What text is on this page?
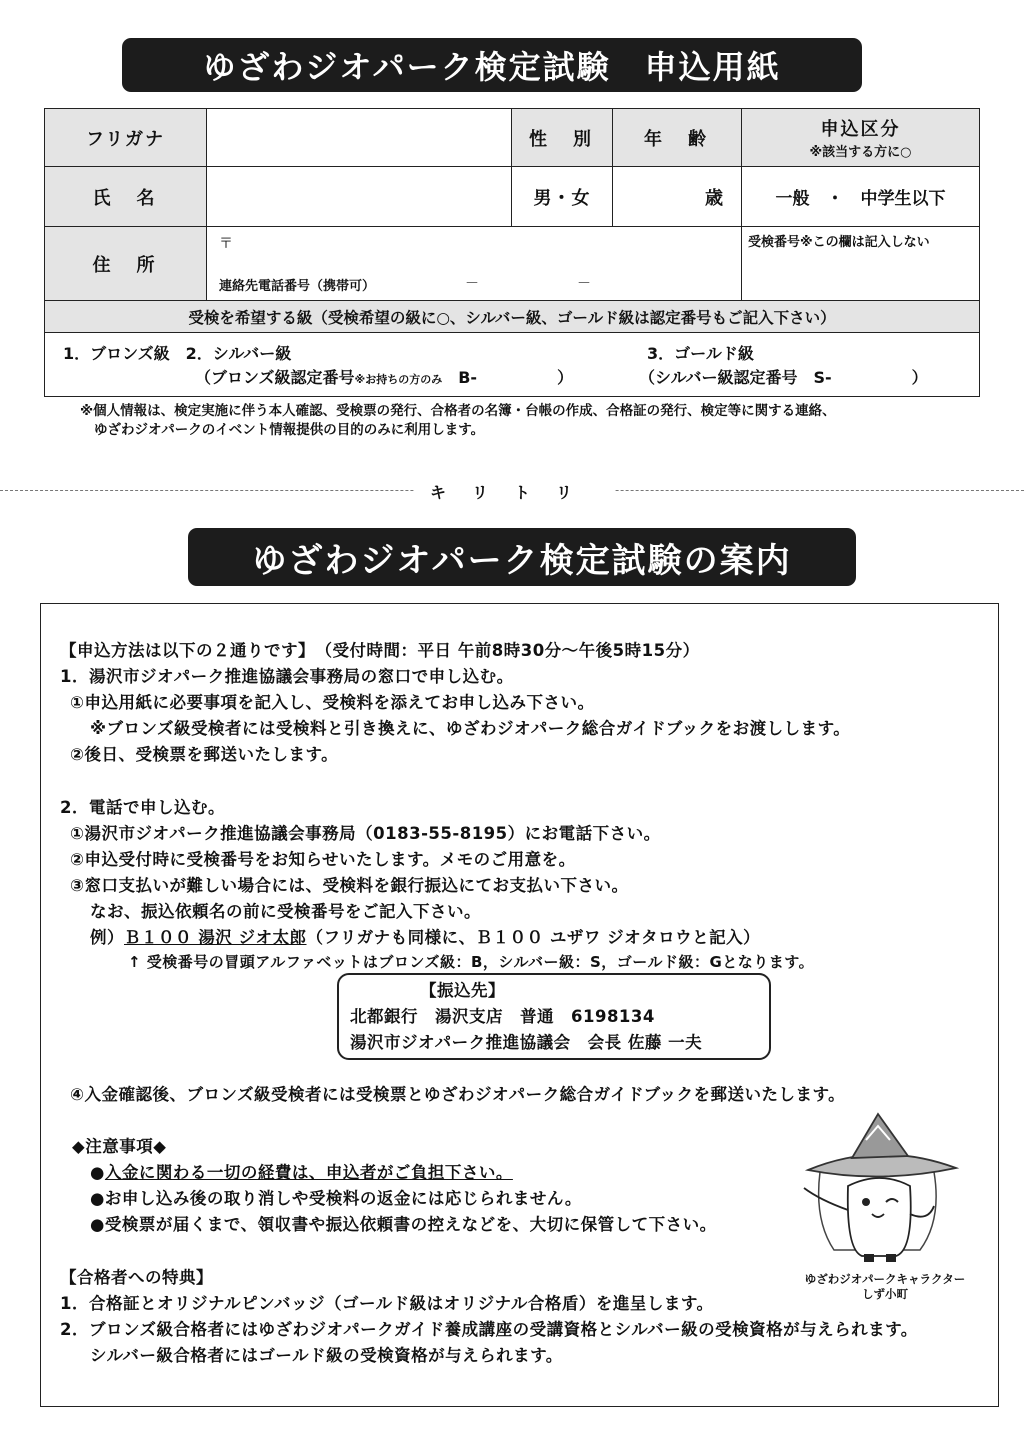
ゆざわジオパーク検定試験　申込用紙
フリガナ		性　別	年　齢	申込区分
※該当する方に○

氏　名		男・女	歳	一般　・　中学生以下
住　所	〒
連絡先電話番号（携帯可） －　　　　　　　－			受検番号※この欄は記入しない
受検を希望する級（受検希望の級に○、シルバー級、ゴールド級は認定番号もご記入下さい）				

1．ブロンズ級　2．シルバー級 3．ゴールド級
（ブロンズ級認定番号※お持ちの方のみ B-　　　　　） （シルバー級認定番号　S-　　　　　）				
※個人情報は、検定実施に伴う本人確認、受検票の発行、合格者の名簿・台帳の作成、合格証の発行、検定等に関する連絡、
ゆざわジオパークのイベント情報提供の目的のみに利用します。
キリトリ
ゆざわジオパーク検定試験の案内
【申込方法は以下の２通りです】　（受付時間：平日 午前8時30分～午後5時15分）
1．湯沢市ジオパーク推進協議会事務局の窓口で申し込む。
①申込用紙に必要事項を記入し、受検料を添えてお申し込み下さい。
※ブロンズ級受検者には受検料と引き換えに、ゆざわジオパーク総合ガイドブックをお渡しします。
②後日、受検票を郵送いたします。
2．電話で申し込む。
①湯沢市ジオパーク推進協議会事務局（0183-55-8195）にお電話下さい。
②申込受付時に受検番号をお知らせいたします。メモのご用意を。
③窓口支払いが難しい場合には、受検料を銀行振込にてお支払い下さい。
なお、振込依頼名の前に受検番号をご記入下さい。
例）Ｂ１００ 湯沢 ジオ太郎（フリガナも同様に、Ｂ１００ ユザワ ジオタロウと記入）
↑ 受検番号の冒頭アルファベットはブロンズ級：B，シルバー級：S，ゴールド級：Gとなります。
【振込先】
北都銀行　湯沢支店　普通　6198134
湯沢市ジオパーク推進協議会　会長 佐藤 一夫
④入金確認後、ブロンズ級受検者には受検票とゆざわジオパーク総合ガイドブックを郵送いたします。
◆注意事項◆
●入金に関わる一切の経費は、申込者がご負担下さい。
●お申し込み後の取り消しや受検料の返金には応じられません。
●受検票が届くまで、領収書や振込依頼書の控えなどを、大切に保管して下さい。
【合格者への特典】
1．合格証とオリジナルピンバッジ（ゴールド級はオリジナル合格盾）を進呈します。
2．ブロンズ級合格者にはゆざわジオパークガイド養成講座の受講資格とシルバー級の受検資格が与えられます。
シルバー級合格者にはゴールド級の受検資格が与えられます。
ゆざわジオパークキャラクター
しず小町
